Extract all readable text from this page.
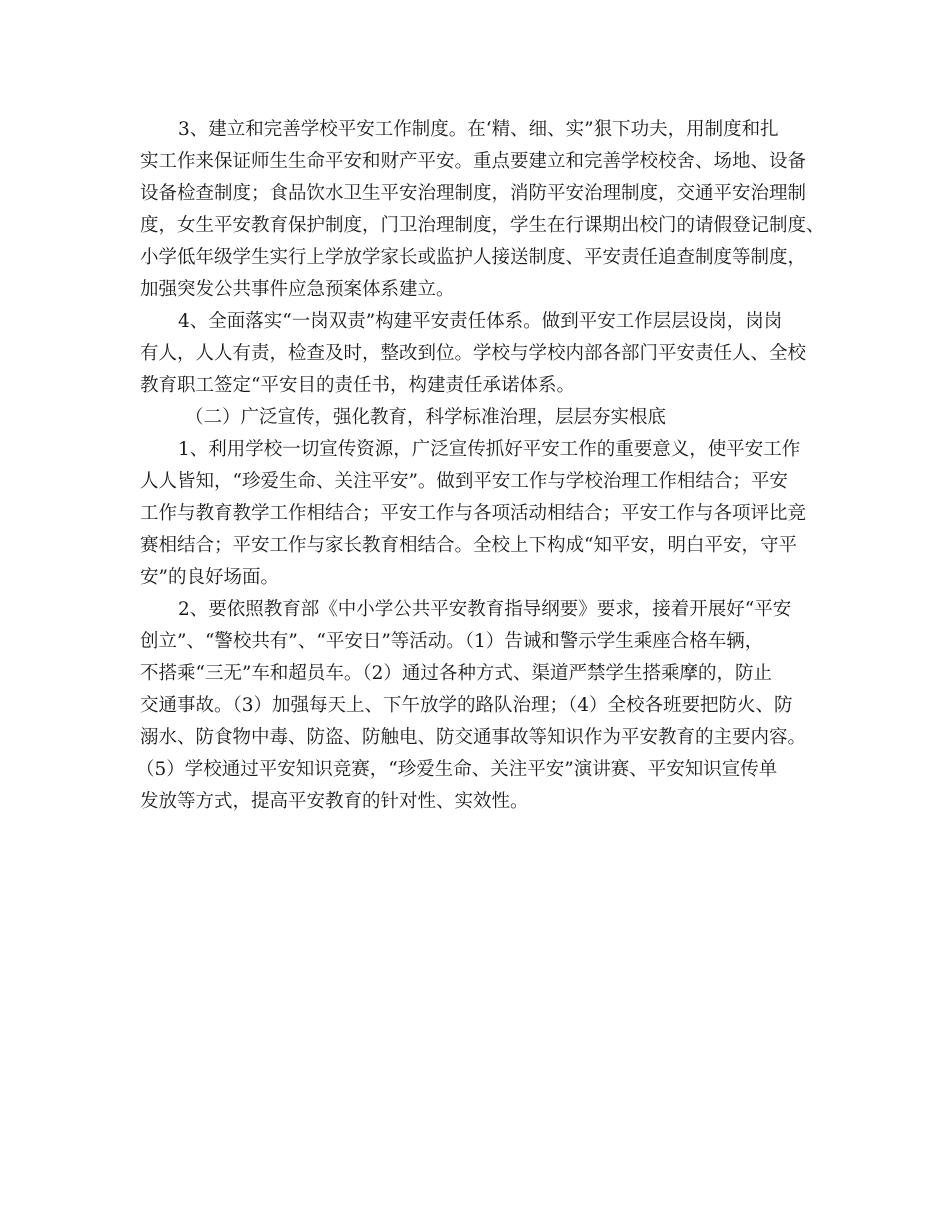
3、建立和完善学校平安工作制度。在‘精、细、实”狠下功夫，用制度和扎
实工作来保证师生生命平安和财产平安。重点要建立和完善学校校舍、场地、设备
设备检查制度；食品饮水卫生平安治理制度，消防平安治理制度，交通平安治理制
度，女生平安教育保护制度，门卫治理制度，学生在行课期出校门的请假登记制度、
小学低年级学生实行上学放学家长或监护人接送制度、平安责任追查制度等制度，
加强突发公共事件应急预案体系建立。
4、全面落实“一岗双责”构建平安责任体系。做到平安工作层层设岗，岗岗
有人，人人有责，检查及时，整改到位。学校与学校内部各部门平安责任人、全校
教育职工签定“平安目的责任书，构建责任承诺体系。
（二）广泛宣传，强化教育，科学标准治理，层层夯实根底
1、利用学校一切宣传资源，广泛宣传抓好平安工作的重要意义，使平安工作
人人皆知，“珍爱生命、关注平安”。做到平安工作与学校治理工作相结合；平安
工作与教育教学工作相结合；平安工作与各项活动相结合；平安工作与各项评比竞
赛相结合；平安工作与家长教育相结合。全校上下构成“知平安，明白平安，守平
安”的良好场面。
2、要依照教育部《中小学公共平安教育指导纲要》要求，接着开展好“平安
创立”、“警校共有”、“平安日”等活动。（1）告诫和警示学生乘座合格车辆，
不搭乘“三无”车和超员车。（2）通过各种方式、渠道严禁学生搭乘摩的，防止
交通事故。（3）加强每天上、下午放学的路队治理；（4）全校各班要把防火、防
溺水、防食物中毒、防盗、防触电、防交通事故等知识作为平安教育的主要内容。
（5）学校通过平安知识竞赛，“珍爱生命、关注平安”演讲赛、平安知识宣传单
发放等方式，提高平安教育的针对性、实效性。
